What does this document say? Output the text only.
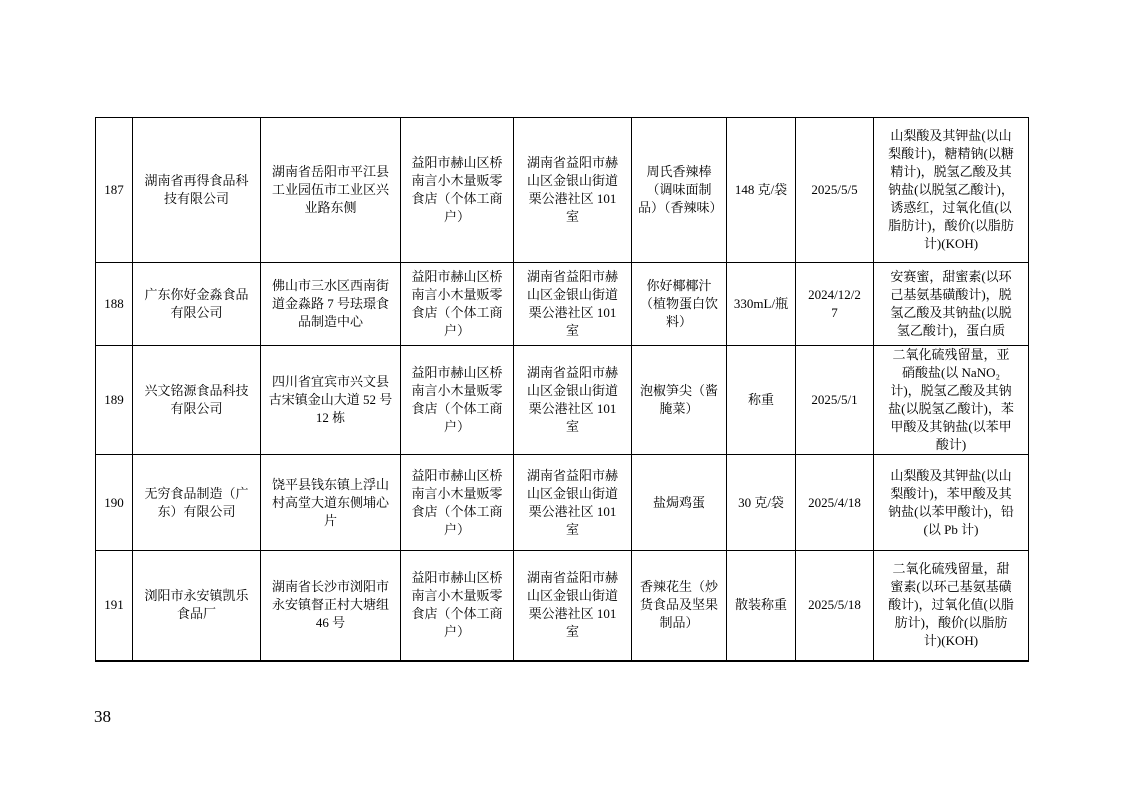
187	湖南省再得食品科技有限公司	湖南省岳阳市平江县工业园伍市工业区兴业路东侧	益阳市赫山区桥南言小木量贩零食店（个体工商户）	湖南省益阳市赫山区金银山街道栗公港社区 101 室	周氏香辣棒（调味面制品）（香辣味）	148 克/袋	2025/5/5	山梨酸及其钾盐(以山梨酸计)，糖精钠(以糖精计)，脱氢乙酸及其钠盐(以脱氢乙酸计)，诱惑红，过氧化值(以脂肪计)，酸价(以脂肪计)(KOH)
188	广东你好金淼食品有限公司	佛山市三水区西南街道金淼路 7 号珐璟食品制造中心	益阳市赫山区桥南言小木量贩零食店（个体工商户）	湖南省益阳市赫山区金银山街道栗公港社区 101 室	你好椰椰汁（植物蛋白饮料）	330mL/瓶	2024/12/27	安赛蜜，甜蜜素(以环己基氨基磺酸计)，脱氢乙酸及其钠盐(以脱氢乙酸计)，蛋白质
189	兴文铭源食品科技有限公司	四川省宜宾市兴文县古宋镇金山大道 52 号 12 栋	益阳市赫山区桥南言小木量贩零食店（个体工商户）	湖南省益阳市赫山区金银山街道栗公港社区 101 室	泡椒笋尖（酱腌菜）	称重	2025/5/1	二氧化硫残留量，亚硝酸盐(以 NaNO₂计)，脱氢乙酸及其钠盐(以脱氢乙酸计)，苯甲酸及其钠盐(以苯甲酸计)
190	无穷食品制造（广东）有限公司	饶平县钱东镇上浮山村高堂大道东侧埔心片	益阳市赫山区桥南言小木量贩零食店（个体工商户）	湖南省益阳市赫山区金银山街道栗公港社区 101 室	盐焗鸡蛋	30 克/袋	2025/4/18	山梨酸及其钾盐(以山梨酸计)，苯甲酸及其钠盐(以苯甲酸计)，铅(以 Pb 计)
191	浏阳市永安镇凯乐食品厂	湖南省长沙市浏阳市永安镇督正村大塘组 46 号	益阳市赫山区桥南言小木量贩零食店（个体工商户）	湖南省益阳市赫山区金银山街道栗公港社区 101 室	香辣花生（炒货食品及坚果制品）	散装称重	2025/5/18	二氧化硫残留量，甜蜜素(以环己基氨基磺酸计)，过氧化值(以脂肪计)，酸价(以脂肪计)(KOH)
38
